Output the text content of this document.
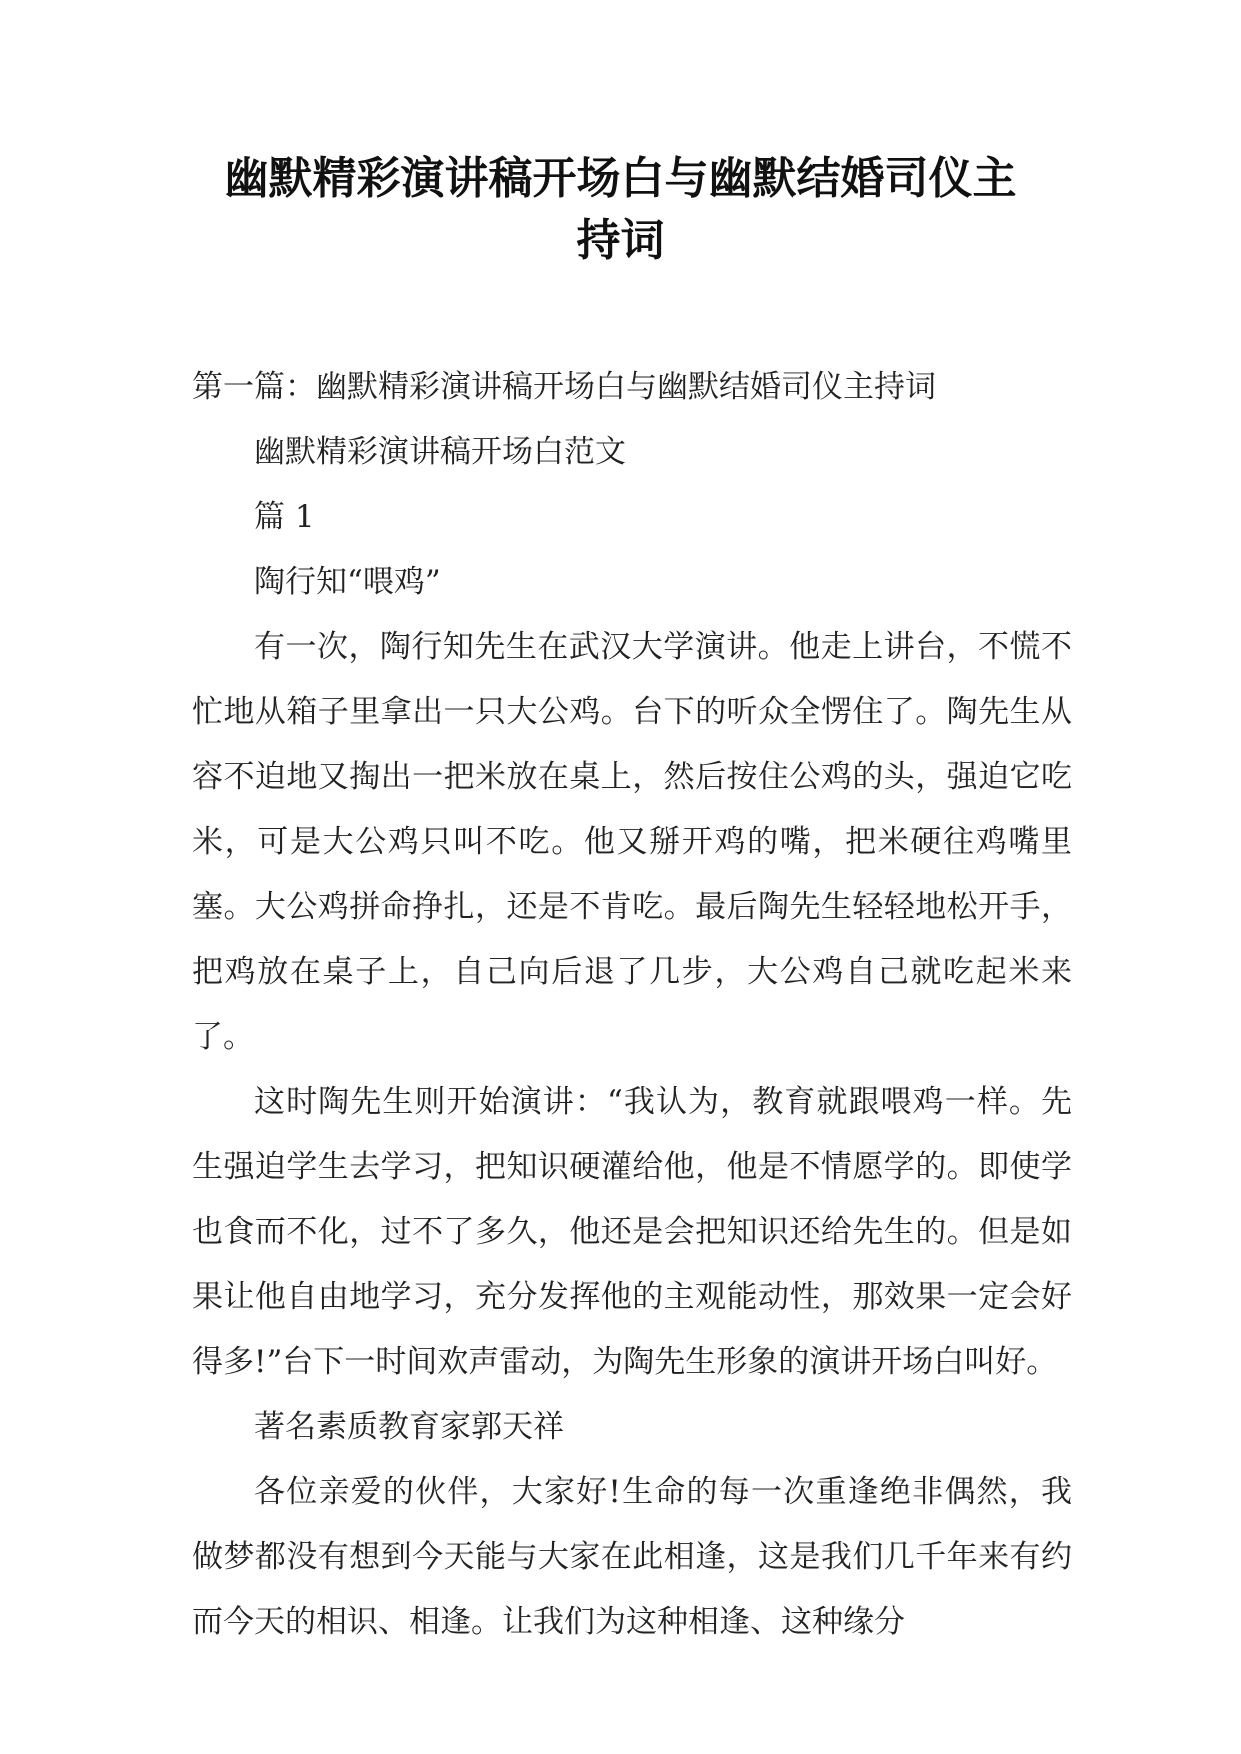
幽默精彩演讲稿开场白与幽默结婚司仪主
持词

第一篇：幽默精彩演讲稿开场白与幽默结婚司仪主持词

幽默精彩演讲稿开场白范文

篇 1

陶行知“喂鸡”

有一次，陶行知先生在武汉大学演讲。他走上讲台，不慌不忙地从箱子里拿出一只大公鸡。台下的听众全愣住了。陶先生从容不迫地又掏出一把米放在桌上，然后按住公鸡的头，强迫它吃米，可是大公鸡只叫不吃。他又掰开鸡的嘴，把米硬往鸡嘴里塞。大公鸡拼命挣扎，还是不肯吃。最后陶先生轻轻地松开手，把鸡放在桌子上，自己向后退了几步，大公鸡自己就吃起米来了。

这时陶先生则开始演讲：“我认为，教育就跟喂鸡一样。先生强迫学生去学习，把知识硬灌给他，他是不情愿学的。即使学也食而不化，过不了多久，他还是会把知识还给先生的。但是如果让他自由地学习，充分发挥他的主观能动性，那效果一定会好得多!”台下一时间欢声雷动，为陶先生形象的演讲开场白叫好。

著名素质教育家郭天祥

各位亲爱的伙伴，大家好!生命的每一次重逢绝非偶然，我做梦都没有想到今天能与大家在此相逢，这是我们几千年来有约而今天的相识、相逢。让我们为这种相逢、这种缘分
